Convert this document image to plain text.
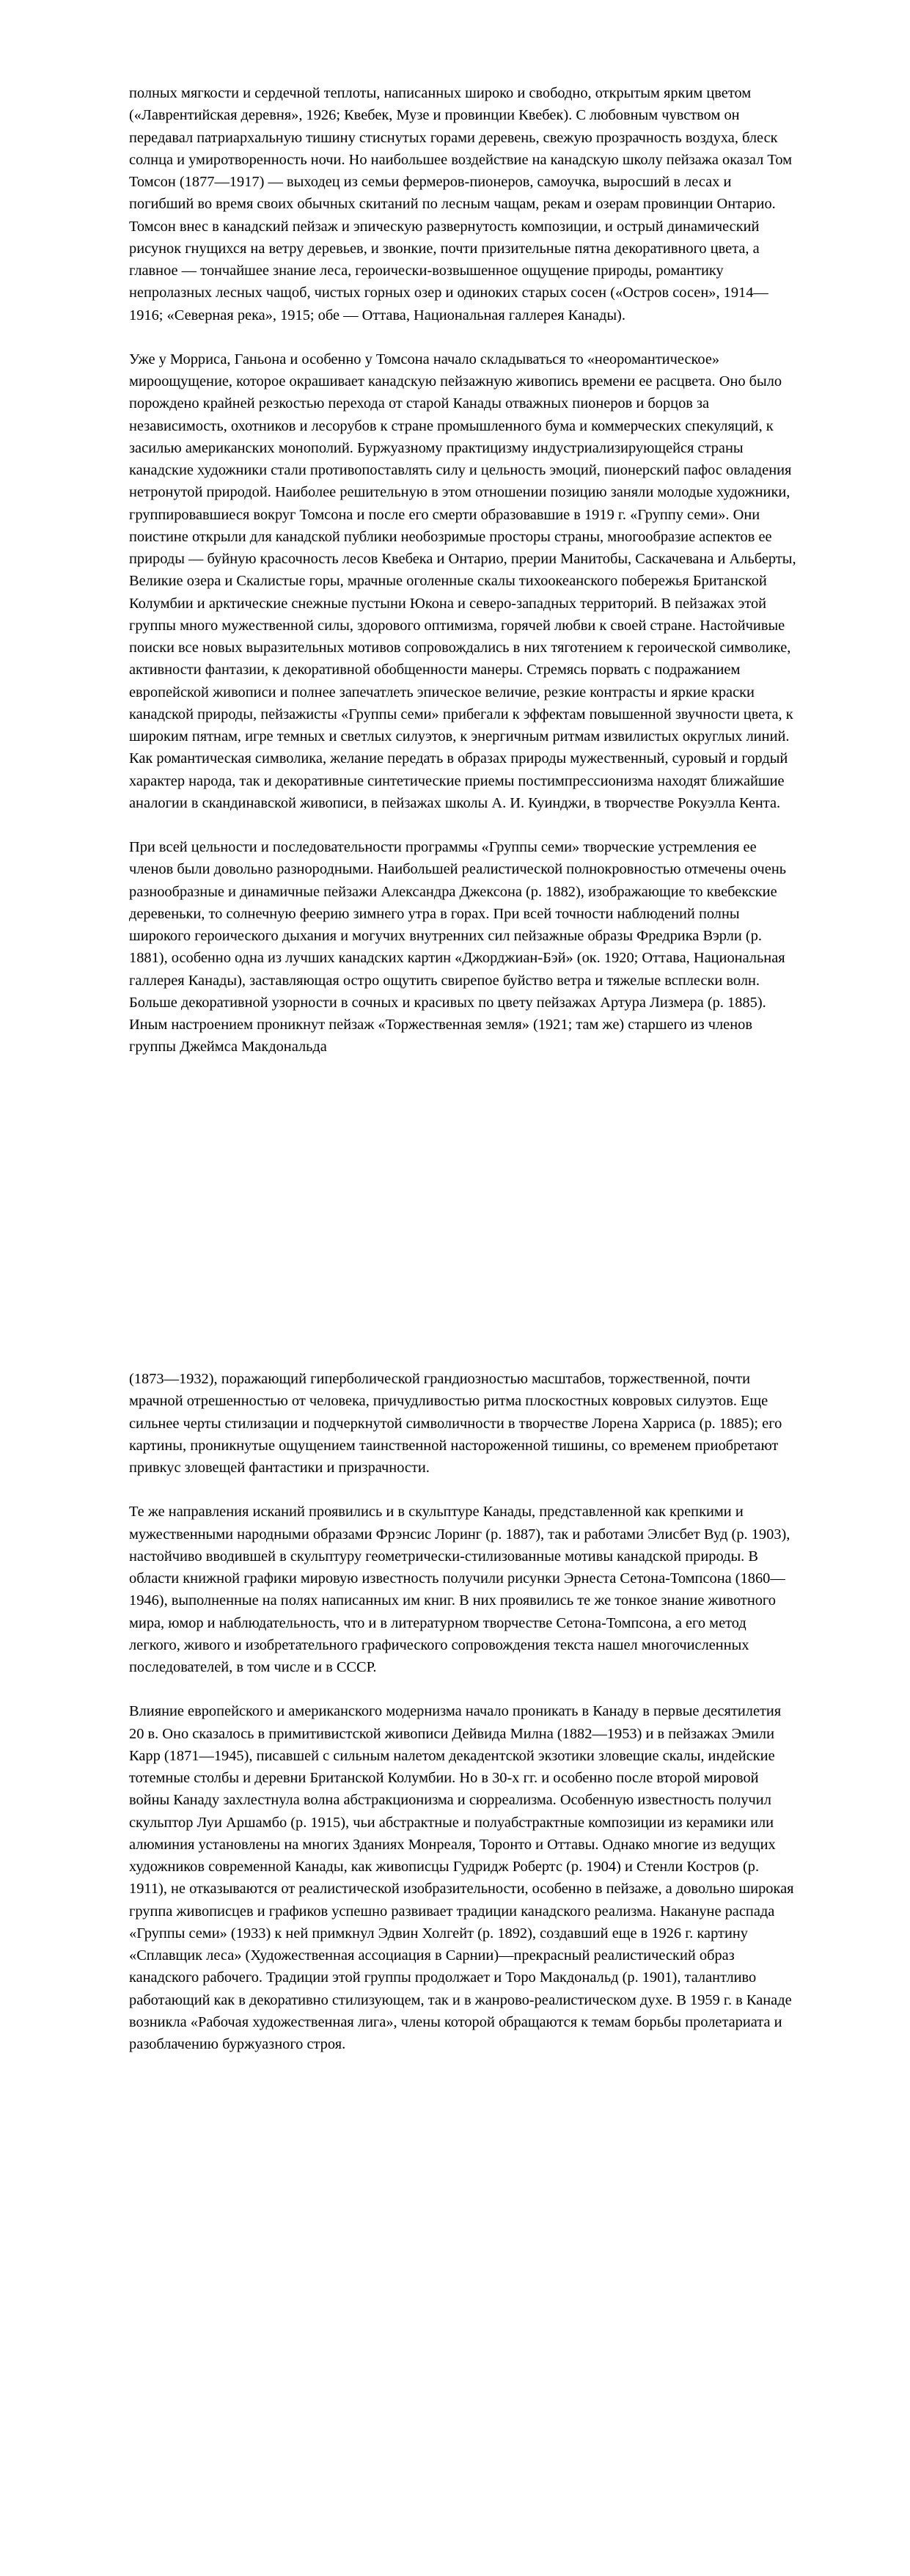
полных мягкости и сердечной теплоты, написанных широко и свободно, открытым ярким цветом («Лаврентийская деревня», 1926; Квебек, Музе и провинции Квебек). С любовным чувством он передавал патриархальную тишину стиснутых горами деревень, свежую прозрачность воздуха, блеск солнца и умиротворенность ночи. Но наибольшее воздействие на канадскую школу пейзажа оказал Том Томсон (1877—1917) — выходец из семьи фермеров-пионеров, самоучка, выросший в лесах и погибший во время своих обычных скитаний по лесным чащам, рекам и озерам провинции Онтарио. Томсон внес в канадский пейзаж и эпическую развернутость композиции, и острый динамический рисунок гнущихся на ветру деревьев, и звонкие, почти призительные пятна декоративного цвета, а главное — тончайшее знание леса, героически-возвышенное ощущение природы, романтику непролазных лесных чащоб, чистых горных озер и одиноких старых сосен («Остров сосен», 1914—1916; «Северная река», 1915; обе — Оттава, Национальная галлерея Канады).

Уже у Морриса, Ганьона и особенно у Томсона начало складываться то «неоромантическое» мироощущение, которое окрашивает канадскую пейзажную живопись времени ее расцвета. Оно было порождено крайней резкостью перехода от старой Канады отважных пионеров и борцов за независимость, охотников и лесорубов к стране промышленного бума и коммерческих спекуляций, к засилью американских монополий. Буржуазному практицизму индустриализирующейся страны канадские художники стали противопоставлять силу и цельность эмоций, пионерский пафос овладения нетронутой природой. Наиболее решительную в этом отношении позицию заняли молодые художники, группировавшиеся вокруг Томсона и после его смерти образовавшие в 1919 г. «Группу семи». Они поистине открыли для канадской публики необозримые просторы страны, многообразие аспектов ее природы — буйную красочность лесов Квебека и Онтарио, прерии Манитобы, Саскачевана и Альберты, Великие озера и Скалистые горы, мрачные оголенные скалы тихоокеанского побережья Британской Колумбии и арктические снежные пустыни Юкона и северо-западных территорий. В пейзажах этой группы много мужественной силы, здорового оптимизма, горячей любви к своей стране. Настойчивые поиски все новых выразительных мотивов сопровождались в них тяготением к героической символике, активности фантазии, к декоративной обобщенности манеры. Стремясь порвать с подражанием европейской живописи и полнее запечатлеть эпическое величие, резкие контрасты и яркие краски канадской природы, пейзажисты «Группы семи» прибегали к эффектам повышенной звучности цвета, к широким пятнам, игре темных и светлых силуэтов, к энергичным ритмам извилистых округлых линий. Как романтическая символика, желание передать в образах природы мужественный, суровый и гордый характер народа, так и декоративные синтетические приемы постимпрессионизма находят ближайшие аналогии в скандинавской живописи, в пейзажах школы А. И. Куинджи, в творчестве Рокуэлла Кента.

При всей цельности и последовательности программы «Группы семи» творческие устремления ее членов были довольно разнородными. Наибольшей реалистической полнокровностью отмечены очень разнообразные и динамичные пейзажи Александра Джексона (р. 1882), изображающие то квебекские деревеньки, то солнечную феерию зимнего утра в горах. При всей точности наблюдений полны широкого героического дыхания и могучих внутренних сил пейзажные образы Фредрика Вэрли (р. 1881), особенно одна из лучших канадских картин «Джорджиан-Бэй» (ок. 1920; Оттава, Национальная галлерея Канады), заставляющая остро ощутить свирепое буйство ветра и тяжелые всплески волн. Больше декоративной узорности в сочных и красивых по цвету пейзажах Артура Лизмера (р. 1885). Иным настроением проникнут пейзаж «Торжественная земля» (1921; там же) старшего из членов группы Джеймса Макдональда

(1873—1932), поражающий гиперболической грандиозностью масштабов, торжественной, почти мрачной отрешенностью от человека, причудливостью ритма плоскостных ковровых силуэтов. Еще сильнее черты стилизации и подчеркнутой символичности в творчестве Лорена Харриса (р. 1885); его картины, проникнутые ощущением таинственной настороженной тишины, со временем приобретают привкус зловещей фантастики и призрачности.

Те же направления исканий проявились и в скульптуре Канады, представленной как крепкими и мужественными народными образами Фрэнсис Лоринг (р. 1887), так и работами Элисбет Вуд (р. 1903), настойчиво вводившей в скульптуру геометрически-стилизованные мотивы канадской природы. В области книжной графики мировую известность получили рисунки Эрнеста Сетона-Томпсона (1860— 1946), выполненные на полях написанных им книг. В них проявились те же тонкое знание животного мира, юмор и наблюдательность, что и в литературном творчестве Сетона-Томпсона, а его метод легкого, живого и изобретательного графического сопровождения текста нашел многочисленных последователей, в том числе и в СССР.

Влияние европейского и американского модернизма начало проникать в Канаду в первые десятилетия 20 в. Оно сказалось в примитивистской живописи Дейвида Милна (1882—1953) и в пейзажах Эмили Карр (1871—1945), писавшей с сильным налетом декадентской экзотики зловещие скалы, индейские тотемные столбы и деревни Британской Колумбии. Но в 30-х гг. и особенно после второй мировой войны Канаду захлестнула волна абстракционизма и сюрреализма. Особенную известность получил скульптор Луи Аршамбо (р. 1915), чьи абстрактные и полуабстрактные композиции из керамики или алюминия установлены на многих Зданиях Монреаля, Торонто и Оттавы. Однако многие из ведущих художников современной Канады, как живописцы Гудридж Робертс (р. 1904) и Стенли Костров (р. 1911), не отказываются от реалистической изобразительности, особенно в пейзаже, а довольно широкая группа живописцев и графиков успешно развивает традиции канадского реализма. Накануне распада «Группы семи» (1933) к ней примкнул Эдвин Холгейт (р. 1892), создавший еще в 1926 г. картину «Сплавщик леса» (Художественная ассоциация в Сарнии)—прекрасный реалистический образ канадского рабочего. Традиции этой группы продолжает и Торо Макдональд (р. 1901), талантливо работающий как в декоративно стилизующем, так и в жанрово-реалистическом духе. В 1959 г. в Канаде возникла «Рабочая художественная лига», члены которой обращаются к темам борьбы пролетариата и разоблачению буржуазного строя.
